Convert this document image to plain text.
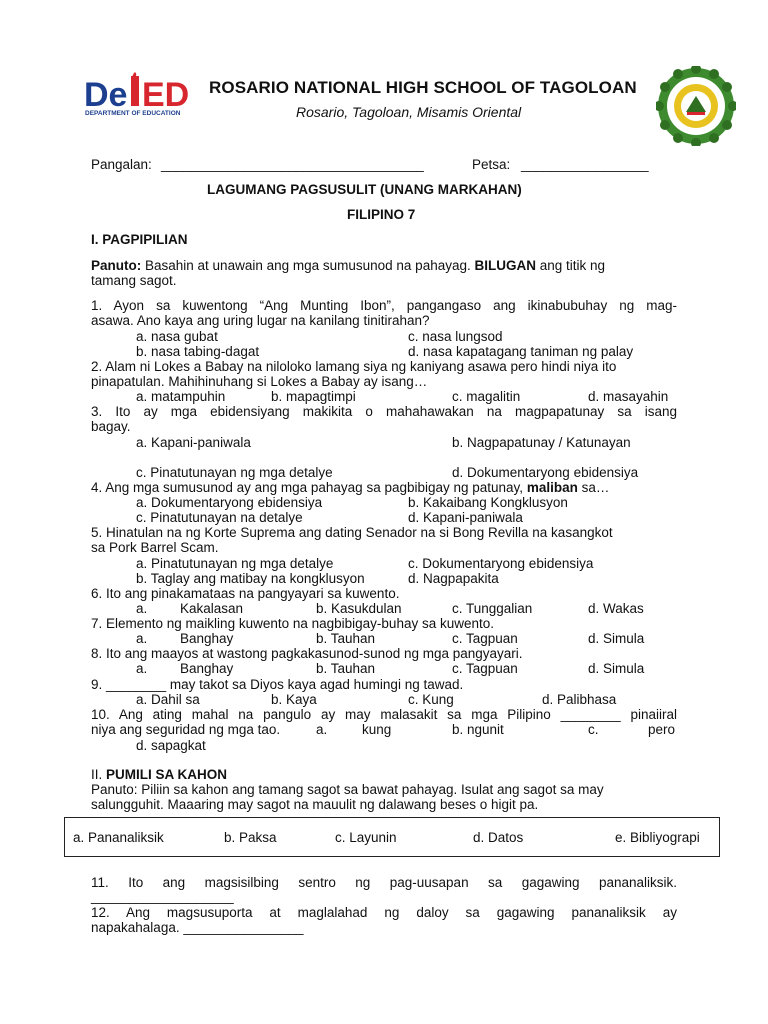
De ED
DEPARTMENT OF EDUCATION
ROSARIO NATIONAL HIGH SCHOOL OF TAGOLOAN
Rosario, Tagoloan, Misamis Oriental
Pangalan: ___________________________________	Petsa: _________________
LAGUMANG PAGSUSULIT (UNANG MARKAHAN)
FILIPINO 7
I. PAGPIPILIAN
Panuto: Basahin at unawain ang mga sumusunod na pahayag. BILUGAN ang titik ng
tamang sagot.
1. Ayon sa kuwentong “Ang Munting Ibon”, pangangaso ang ikinabubuhay ng mag-
asawa. Ano kaya ang uring lugar na kanilang tinitirahan?
a. nasa gubat	c. nasa lungsod
b. nasa tabing-dagat	d. nasa kapatagang taniman ng palay
2. Alam ni Lokes a Babay na niloloko lamang siya ng kaniyang asawa pero hindi niya ito
pinapatulan. Mahihinuhang si Lokes a Babay ay isang…
a. matampuhin	b. mapagtimpi	c. magalitin	d. masayahin
3. Ito ay mga ebidensiyang makikita o mahahawakan na magpapatunay sa isang
bagay.
a. Kapani-paniwala	b. Nagpapatunay / Katunayan
c. Pinatutunayan ng mga detalye	d. Dokumentaryong ebidensiya
4. Ang mga sumusunod ay ang mga pahayag sa pagbibigay ng patunay, maliban sa…
a. Dokumentaryong ebidensiya	b. Kakaibang Kongklusyon
c. Pinatutunayan na detalye	d. Kapani-paniwala
5. Hinatulan na ng Korte Suprema ang dating Senador na si Bong Revilla na kasangkot
sa Pork Barrel Scam.
a. Pinatutunayan ng mga detalye	c. Dokumentaryong ebidensiya
b. Taglay ang matibay na kongklusyon	d. Nagpapakita
6. Ito ang pinakamataas na pangyayari sa kuwento.
a. Kakalasan	b. Kasukdulan	c. Tunggalian	d. Wakas
7. Elemento ng maikling kuwento na nagbibigay-buhay sa kuwento.
a. Banghay	b. Tauhan	c. Tagpuan	d. Simula
8. Ito ang maayos at wastong pagkakasunod-sunod ng mga pangyayari.
a. Banghay	b. Tauhan	c. Tagpuan	d. Simula
9. ________ may takot sa Diyos kaya agad humingi ng tawad.
a. Dahil sa	b. Kaya	c. Kung	d. Palibhasa
10. Ang ating mahal na pangulo ay may malasakit sa mga Pilipino ________ pinaiiral
niya ang seguridad ng mga tao.	a.	kung	b. ngunit	c.	pero
d. sapagkat
II. PUMILI SA KAHON
Panuto: Piliin sa kahon ang tamang sagot sa bawat pahayag. Isulat ang sagot sa may
salungguhit. Maaaring may sagot na mauulit ng dalawang beses o higit pa.
a. Pananaliksik	b. Paksa	c. Layunin	d. Datos	e. Bibliyograpi
11. Ito ang magsisilbing sentro ng pag-uusapan sa gagawing pananaliksik.
___________________
12. Ang magsusuporta at maglalahad ng daloy sa gagawing pananaliksik ay
napakahalaga. ________________
